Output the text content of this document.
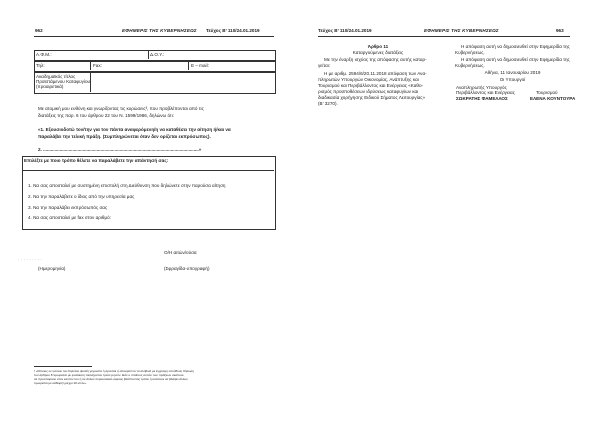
962	ΕΦΗΜΕΡΙΣ ΤΗΣ ΚΥΒΕΡΝΗΣΕΩΣ Τεύχος Β’ 110/24.01.2019
Α.Φ.Μ.:	Δ.Ο.Υ.:
Τηλ:	Fax:	E – mail:
Ακαδημαϊκός τίτλος
Προϊστάμενου Καταφυγίου
(προαιρετικά)
Με ατομική μου ευθύνη και γνωρίζοντας τις κυρώσεις³, που προβλέπονται από τις
διατάξεις της παρ. 6 του άρθρου 22 του Ν. 1599/1986, δηλώνω ότι:
«1. Εξουσιοδοτώ τον/την για τον πάντα αναφερόμενη/η να καταθέσει την αίτηση ή/και να
παραλάβει την τελική πράξη. (Συμπληρώνεται όταν δεν ορίζεται εκπρόσωπος).
2. ..........................................................................................................................»
Επιλέξτε με ποιο τρόπο θέλετε να παραλάβετε την απάντησή σας:
1. Να σας αποσταλεί με συστημένη επιστολή στη Διεύθυνση που δηλώνετε στην παρούσα αίτηση
2. Να την παραλάβετε ο ίδιος από την υπηρεσία μας
3. Να την παραλάβει εκπρόσωπός σας
4. Να σας αποσταλεί με fax στον αριθμό:
Ο/Η αιτών/ούσα
· · · · · · · · ·
(Ημερομηνία)	(Σφραγίδα-υπογραφή)
³ «Όποιος εν γνώσει του δηλώνει ψευδή γεγονότα ή αρνείται ή αποκρύπτει τα αληθινά με έγγραφη υπεύθυνη δήλωση
του άρθρου 8 τιμωρείται με φυλάκιση τουλάχιστον τριών μηνών. Εάν ο υπαίτιος αυτών των πράξεων σκόπευε
να προσπορίσει στον εαυτόν του ή σε άλλον περιουσιακό όφελος βλάπτοντας τρίτον ή σκόπευε να βλάψει άλλον,
τιμωρείται με κάθειρξη μέχρι 10 ετών».
Τεύχος Β’ 110/24.01.2019	ΕΦΗΜΕΡΙΣ ΤΗΣ ΚΥΒΕΡΝΗΣΕΩΣ	963
Άρθρο 11
Καταργούμενες διατάξεις
Με την έναρξη ισχύος της απόφασης αυτής καταρ-
γείται:
Η με αριθμ. 2594/6/20.11.2018 απόφαση των Ανα-
πληρωτών Υπουργών Οικονομίας, Ανάπτυξης και
Τουρισμού και Περιβάλλοντος και Ενέργειας «Καθο-
ρισμός προϋποθέσεων ιδρύσεως καταφυγίων και
διαδικασία χορήγησης Ειδικού Σήματος Λειτουργίας»
(Β’ 3270).
Η απόφαση αυτή να δημοσιευθεί στην Εφημερίδα της
Κυβερνήσεως.
Η απόφαση αυτή να δημοσιευθεί στην Εφημερίδα της
Κυβερνήσεως.
Αθήνα, 11 Ιανουαρίου 2019
Οι Υπουργοί
Αναπληρωτής Υπουργός
Περιβάλλοντος και Ενέργειας	Τουρισμού
ΣΩΚΡΑΤΗΣ ΦΑΜΕΛΛΟΣ	ΕΛΕΝΑ ΚΟΥΝΤΟΥΡΑ
